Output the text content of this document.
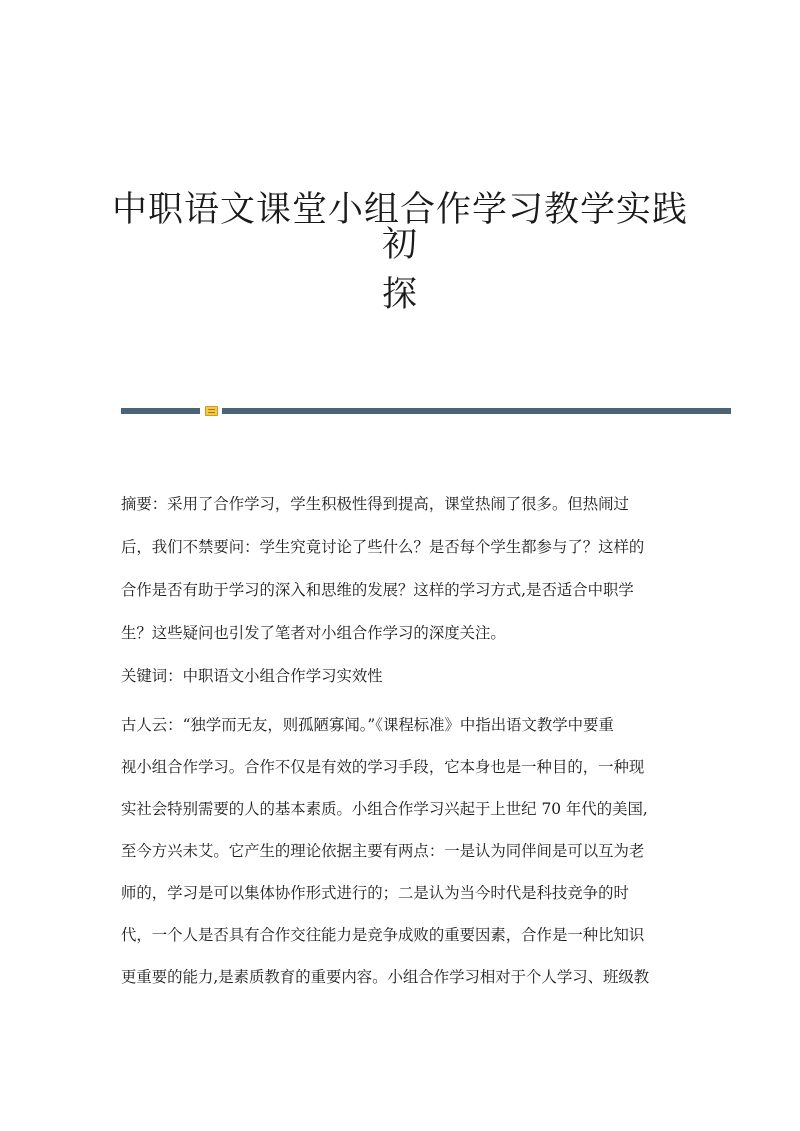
中职语文课堂小组合作学习教学实践初
探

摘要：采用了合作学习，学生积极性得到提高，课堂热闹了很多。但热闹过

后，我们不禁要问：学生究竟讨论了些什么？是否每个学生都参与了？这样的

合作是否有助于学习的深入和思维的发展？这样的学习方式,是否适合中职学

生？这些疑问也引发了笔者对小组合作学习的深度关注。

关键词：中职语文小组合作学习实效性

古人云：“独学而无友，则孤陋寡闻。”《课程标准》中指出语文教学中要重

视小组合作学习。合作不仅是有效的学习手段，它本身也是一种目的，一种现

实社会特别需要的人的基本素质。小组合作学习兴起于上世纪 70 年代的美国,

至今方兴未艾。它产生的理论依据主要有两点：一是认为同伴间是可以互为老

师的，学习是可以集体协作形式进行的；二是认为当今时代是科技竞争的时

代，一个人是否具有合作交往能力是竞争成败的重要因素，合作是一种比知识

更重要的能力,是素质教育的重要内容。小组合作学习相对于个人学习、班级教
